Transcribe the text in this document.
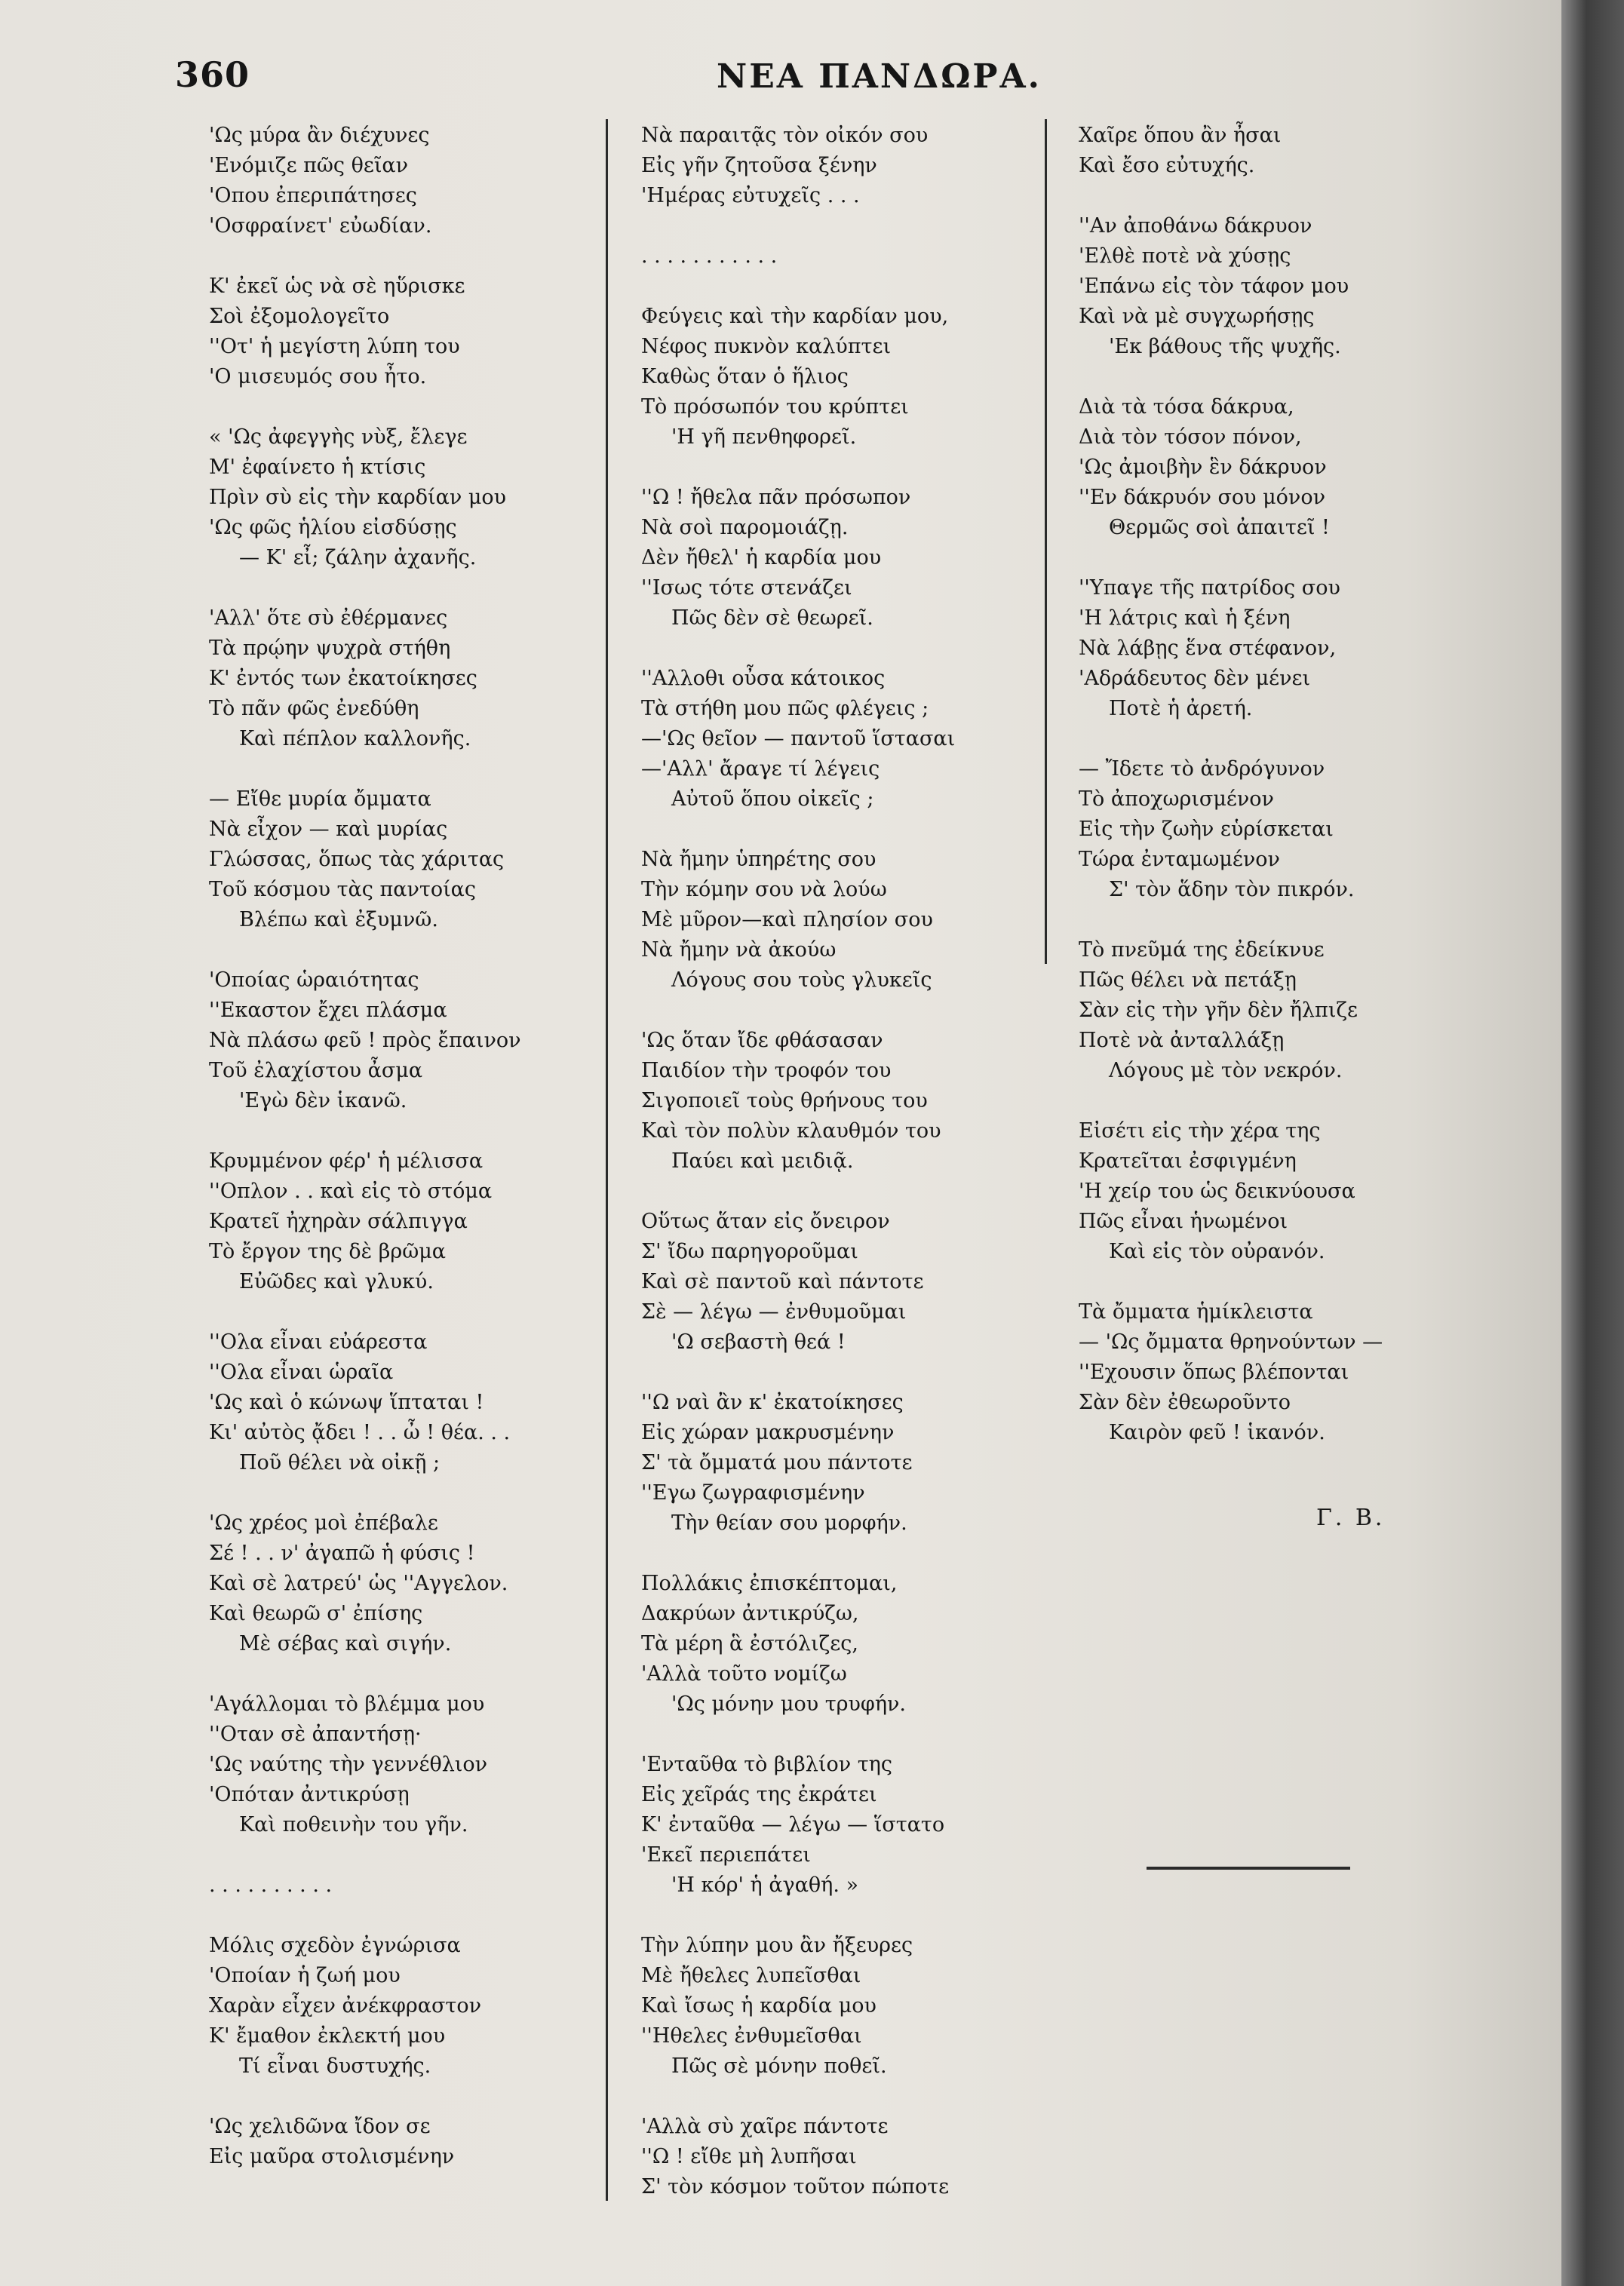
360	ΝΕΑ ΠΑΝΔΩΡΑ.
'Ως μύρα ἂν διέχυνες
'Ενόμιζε πῶς θεῖαν
'Οπου ἐπεριπάτησες
'Οσφραίνετ' εὐωδίαν.
Κ' ἐκεῖ ὡς νὰ σὲ ηὕρισκε
Σοὶ ἐξομολογεῖτο
''Οτ' ἡ μεγίστη λύπη του
'Ο μισευμός σου ἦτο.
« 'Ως ἀφεγγὴς νὺξ, ἔλεγε
Μ' ἐφαίνετο ἡ κτίσις
Πρὶν σὺ εἰς τὴν καρδίαν μου
'Ως φῶς ἡλίου εἰσδύσῃς
— Κ' εἶ; ζάλην ἀχανῆς.
'Αλλ' ὅτε σὺ ἐθέρμανες
Τὰ πρῴην ψυχρὰ στήθη
Κ' ἐντός των ἐκατοίκησες
Τὸ πᾶν φῶς ἐνεδύθη
Καὶ πέπλον καλλονῆς.
— Εἴθε μυρία ὄμματα
Νὰ εἶχον — καὶ μυρίας
Γλώσσας, ὅπως τὰς χάριτας
Τοῦ κόσμου τὰς παντοίας
Βλέπω καὶ ἐξυμνῶ.
'Οποίας ὡραιότητας
''Εκαστον ἔχει πλάσμα
Νὰ πλάσω φεῦ ! πρὸς ἔπαινον
Τοῦ ἐλαχίστου ἆσμα
'Εγὼ δὲν ἱκανῶ.
Κρυμμένον φέρ' ἡ μέλισσα
''Οπλον . . καὶ εἰς τὸ στόμα
Κρατεῖ ἠχηρὰν σάλπιγγα
Τὸ ἔργον της δὲ βρῶμα
Εὐῶδες καὶ γλυκύ.
''Ολα εἶναι εὐάρεστα
''Ολα εἶναι ὡραῖα
'Ως καὶ ὁ κώνωψ ἵπταται !
Κι' αὐτὸς ᾄδει ! . . ὦ ! θέα. . .
Ποῦ θέλει νὰ οἰκῇ ;
'Ως χρέος μοὶ ἐπέβαλε
Σέ ! . . ν' ἀγαπῶ ἡ φύσις !
Καὶ σὲ λατρεύ' ὡς ''Αγγελον.
Καὶ θεωρῶ σ' ἐπίσης
Μὲ σέβας καὶ σιγήν.
'Αγάλλομαι τὸ βλέμμα μου
''Οταν σὲ ἀπαντήσῃ·
'Ως ναύτης τὴν γεννέθλιον
'Οπόταν ἀντικρύσῃ
Καὶ ποθεινὴν του γῆν.
. . . . . . . . . .
Μόλις σχεδὸν ἐγνώρισα
'Οποίαν ἡ ζωή μου
Χαρὰν εἶχεν ἀνέκφραστον
Κ' ἔμαθον ἐκλεκτή μου
Τί εἶναι δυστυχής.
'Ως χελιδῶνα ἴδον σε
Εἰς μαῦρα στολισμένην
Νὰ παραιτᾷς τὸν οἰκόν σου
Εἰς γῆν ζητοῦσα ξένην
'Ημέρας εὐτυχεῖς . . .
. . . . . . . . . . .
Φεύγεις καὶ τὴν καρδίαν μου,
Νέφος πυκνὸν καλύπτει
Καθὼς ὅταν ὁ ἥλιος
Τὸ πρόσωπόν του κρύπτει
'Η γῆ πενθηφορεῖ.
''Ω ! ἤθελα πᾶν πρόσωπον
Νὰ σοὶ παρομοιάζῃ.
Δὲν ἤθελ' ἡ καρδία μου
''Ισως τότε στενάζει
Πῶς δὲν σὲ θεωρεῖ.
''Αλλοθι οὖσα κάτοικος
Τὰ στήθη μου πῶς φλέγεις ;
—'Ως θεῖον — παντοῦ ἵστασαι
—'Αλλ' ἄραγε τί λέγεις
Αὐτοῦ ὅπου οἰκεῖς ;
Νὰ ἤμην ὑπηρέτης σου
Τὴν κόμην σου νὰ λούω
Μὲ μῦρον—καὶ πλησίον σου
Νὰ ἤμην νὰ ἀκούω
Λόγους σου τοὺς γλυκεῖς
'Ως ὅταν ἴδε φθάσασαν
Παιδίον τὴν τροφόν του
Σιγοποιεῖ τοὺς θρήνους του
Καὶ τὸν πολὺν κλαυθμόν του
Παύει καὶ μειδιᾷ.
Οὕτως ἅταν εἰς ὄνειρον
Σ' ἴδω παρηγοροῦμαι
Καὶ σὲ παντοῦ καὶ πάντοτε
Σὲ — λέγω — ἐνθυμοῦμαι
'Ω σεβαστὴ θεά !
''Ω ναὶ ἂν κ' ἐκατοίκησες
Εἰς χώραν μακρυσμένην
Σ' τὰ ὄμματά μου πάντοτε
''Εγω ζωγραφισμένην
Τὴν θείαν σου μορφήν.
Πολλάκις ἐπισκέπτομαι,
Δακρύων ἀντικρύζω,
Τὰ μέρη ἃ ἐστόλιζες,
'Αλλὰ τοῦτο νομίζω
'Ως μόνην μου τρυφήν.
'Ενταῦθα τὸ βιβλίον της
Εἰς χεῖράς της ἐκράτει
Κ' ἐνταῦθα — λέγω — ἵστατο
'Εκεῖ περιεπάτει
'Η κόρ' ἡ ἀγαθή. »
Τὴν λύπην μου ἂν ἤξευρες
Μὲ ἤθελες λυπεῖσθαι
Καὶ ἴσως ἡ καρδία μου
''Ηθελες ἐνθυμεῖσθαι
Πῶς σὲ μόνην ποθεῖ.
'Αλλὰ σὺ χαῖρε πάντοτε
''Ω ! εἴθε μὴ λυπῆσαι
Σ' τὸν κόσμον τοῦτον πώποτε
Χαῖρε ὅπου ἂν ἦσαι
Καὶ ἔσο εὐτυχής.
''Αν ἀποθάνω δάκρυον
'Ελθὲ ποτὲ νὰ χύσῃς
'Επάνω εἰς τὸν τάφον μου
Καὶ νὰ μὲ συγχωρήσῃς
'Εκ βάθους τῆς ψυχῆς.
Διὰ τὰ τόσα δάκρυα,
Διὰ τὸν τόσον πόνον,
'Ως ἀμοιβὴν ἓν δάκρυον
''Εν δάκρυόν σου μόνον
Θερμῶς σοὶ ἀπαιτεῖ !
''Υπαγε τῆς πατρίδος σου
'Η λάτρις καὶ ἡ ξένη
Νὰ λάβῃς ἕνα στέφανον,
'Αδράδευτος δὲν μένει
Ποτὲ ἡ ἀρετή.
— Ἴδετε τὸ ἀνδρόγυνον
Τὸ ἀποχωρισμένον
Εἰς τὴν ζωὴν εὑρίσκεται
Τώρα ἐνταμωμένον
Σ' τὸν ἅδην τὸν πικρόν.
Τὸ πνεῦμά της ἐδείκνυε
Πῶς θέλει νὰ πετάξῃ
Σὰν εἰς τὴν γῆν δὲν ἤλπιζε
Ποτὲ νὰ ἀνταλλάξῃ
Λόγους μὲ τὸν νεκρόν.
Εἰσέτι εἰς τὴν χέρα της
Κρατεῖται ἐσφιγμένη
'Η χείρ του ὡς δεικνύουσα
Πῶς εἶναι ἡνωμένοι
Καὶ εἰς τὸν οὐρανόν.
Τὰ ὄμματα ἡμίκλειστα
— 'Ως ὄμματα θρηνούντων —
''Εχουσιν ὅπως βλέπονται
Σὰν δὲν ἐθεωροῦντο
Καιρὸν φεῦ ! ἱκανόν.
Γ. Β.
